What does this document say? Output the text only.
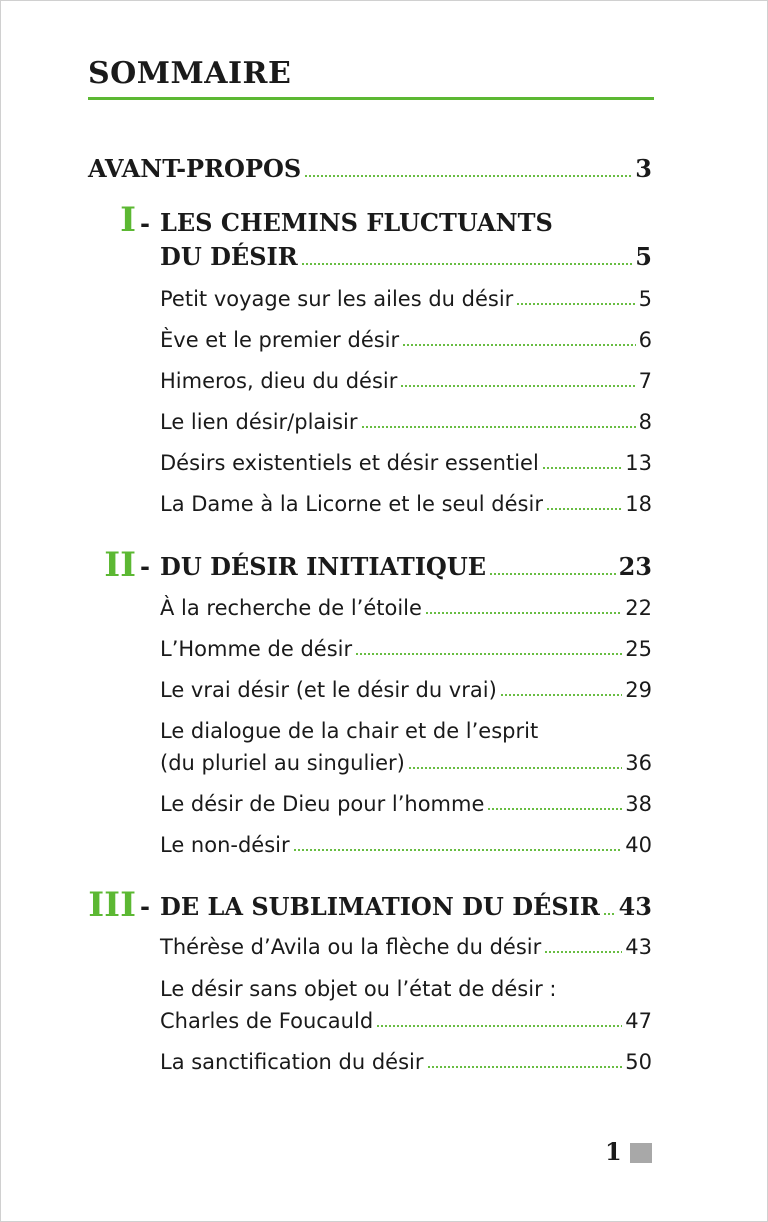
SOMMAIRE
AVANT-PROPOS	3
I - LES CHEMINS FLUCTUANTS
DU DÉSIR	5
Petit voyage sur les ailes du désir	5
Ève et le premier désir	6
Himeros, dieu du désir	7
Le lien désir/plaisir	8
Désirs existentiels et désir essentiel	13
La Dame à la Licorne et le seul désir	18
II - DU DÉSIR INITIATIQUE	23
À la recherche de l’étoile	22
L’Homme de désir	25
Le vrai désir (et le désir du vrai)	29
Le dialogue de la chair et de l’esprit
(du pluriel au singulier)	36
Le désir de Dieu pour l’homme	38
Le non-désir	40
III - DE LA SUBLIMATION DU DÉSIR 43
Thérèse d’Avila ou la flèche du désir	43
Le désir sans objet ou l’état de désir :
Charles de Foucauld	47
La sanctification du désir	50
1
